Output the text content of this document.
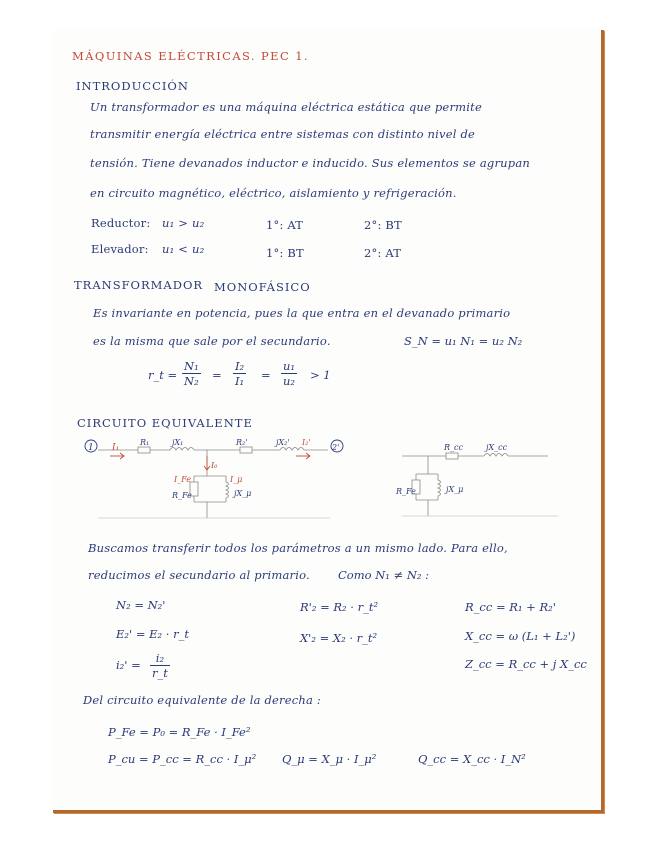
MÁQUINAS ELÉCTRICAS. PEC 1.
INTRODUCCIÓN
Un transformador es una máquina eléctrica estática que permite
transmitir energía eléctrica entre sistemas con distinto nivel de
tensión. Tiene devanados inductor e inducido. Sus elementos se agrupan
en circuito magnético, eléctrico, aislamiento y refrigeración.
Reductor: u₁ > u₂	1°: AT	2°: BT
Elevador: u₁ < u₂	1°: BT	2°: AT
TRANSFORMADOR MONOFÁSICO
Es invariante en potencia, pues la que entra en el devanado primario
es la misma que sale por el secundario.	S_N = u₁ N₁ = u₂ N₂
r_t = $\frac{\text{N₁}}{\text{N₂}} = \frac{\text{I₂}}{\text{I₁}} = \frac{\text{u₁}}{\text{u₂}} > 1$
CIRCUITO EQUIVALENTE
1	2'
I₁
R₁	jX₁	R₂'	jX₂' I₂'
I₀
I_Fe	I_μ
R_Fe	jX_μ
R_cc	jX_cc
R_Fe	jX_μ
Buscamos transferir todos los parámetros a un mismo lado. Para ello,
reducimos el secundario al primario. Como N₁ ≠ N₂ :
N₂ = N₂'
E₂' = E₂ · r_t
$i_2' = \frac{\text{i₂}}{r\_t}$
R'₂ = R₂ · r_t²
X'₂ = X₂ · r_t²
R_cc = R₁ + R₂'
X_cc = ω (L₁ + L₂')
Z_cc = R_cc + j X_cc
Del circuito equivalente de la derecha :
P_Fe = P₀ = R_Fe · I_Fe²
P_cu = P_cc = R_cc · I_μ² Q_μ = X_μ · I_μ²	Q_cc = X_cc · I_N²
